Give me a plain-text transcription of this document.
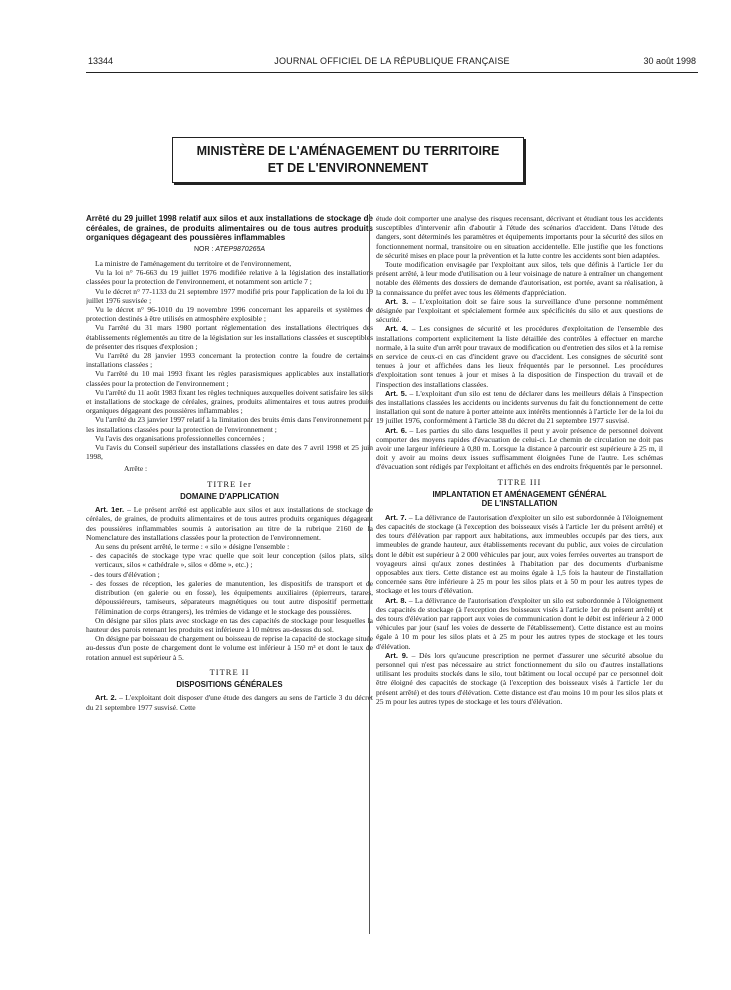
13344	JOURNAL OFFICIEL DE LA RÉPUBLIQUE FRANÇAISE	30 août 1998
MINISTÈRE DE L'AMÉNAGEMENT DU TERRITOIRE
ET DE L'ENVIRONNEMENT
Arrêté du 29 juillet 1998 relatif aux silos et aux installations de stockage de céréales, de graines, de produits alimentaires ou de tous autres produits organiques dégageant des poussières inflammables
NOR : ATEP9870265A

La ministre de l'aménagement du territoire et de l'environnement,

Vu la loi n° 76-663 du 19 juillet 1976 modifiée relative à la législation des installations classées pour la protection de l'environnement, et notamment son article 7 ;

Vu le décret n° 77-1133 du 21 septembre 1977 modifié pris pour l'application de la loi du 19 juillet 1976 susvisée ;

Vu le décret n° 96-1010 du 19 novembre 1996 concernant les appareils et systèmes de protection destinés à être utilisés en atmosphère explosible ;

Vu l'arrêté du 31 mars 1980 portant réglementation des installations électriques des établissements réglementés au titre de la législation sur les installations classées et susceptibles de présenter des risques d'explosion ;

Vu l'arrêté du 28 janvier 1993 concernant la protection contre la foudre de certaines installations classées ;

Vu l'arrêté du 10 mai 1993 fixant les règles parasismiques applicables aux installations classées pour la protection de l'environnement ;

Vu l'arrêté du 11 août 1983 fixant les règles techniques auxquelles doivent satisfaire les silos et installations de stockage de céréales, graines, produits alimentaires et tous autres produits organiques dégageant des poussières inflammables ;

Vu l'arrêté du 23 janvier 1997 relatif à la limitation des bruits émis dans l'environnement par les installations classées pour la protection de l'environnement ;

Vu l'avis des organisations professionnelles concernées ;

Vu l'avis du Conseil supérieur des installations classées en date des 7 avril 1998 et 25 juin 1998,

Arrête :

TITRE Ier
DOMAINE D'APPLICATION

Art. 1er. – Le présent arrêté est applicable aux silos et aux installations de stockage de céréales, de graines, de produits alimentaires et de tous autres produits organiques dégageant des poussières inflammables soumis à autorisation au titre de la rubrique 2160 de la Nomenclature des installations classées pour la protection de l'environnement.

Au sens du présent arrêté, le terme : « silo » désigne l'ensemble :

- des capacités de stockage type vrac quelle que soit leur conception (silos plats, silos verticaux, silos « cathédrale », silos « dôme », etc.) ;

- des tours d'élévation ;

- des fosses de réception, les galeries de manutention, les dispositifs de transport et de distribution (en galerie ou en fosse), les équipements auxiliaires (épierreurs, tarares, dépoussiéreurs, tamiseurs, séparateurs magnétiques ou tout autre dispositif permettant l'élimination de corps étrangers), les trémies de vidange et le stockage des poussières.

On désigne par silos plats avec stockage en tas des capacités de stockage pour lesquelles la hauteur des parois retenant les produits est inférieure à 10 mètres au-dessus du sol.

On désigne par boisseau de chargement ou boisseau de reprise la capacité de stockage située au-dessus d'un poste de chargement dont le volume est inférieur à 150 m³ et dont le taux de rotation annuel est supérieur à 5.

TITRE II
DISPOSITIONS GÉNÉRALES

Art. 2. – L'exploitant doit disposer d'une étude des dangers au sens de l'article 3 du décret du 21 septembre 1977 susvisé. Cette

étude doit comporter une analyse des risques recensant, décrivant et étudiant tous les accidents susceptibles d'intervenir afin d'aboutir à l'étude des scénarios d'accident. Dans l'étude des dangers, sont déterminés les paramètres et équipements importants pour la sécurité des silos en fonctionnement normal, transitoire ou en situation accidentelle. Elle justifie que les fonctions de sécurité mises en place pour la prévention et la lutte contre les accidents sont bien adaptées.

Toute modification envisagée par l'exploitant aux silos, tels que définis à l'article 1er du présent arrêté, à leur mode d'utilisation ou à leur voisinage de nature à entraîner un changement notable des éléments des dossiers de demande d'autorisation, est portée, avant sa réalisation, à la connaissance du préfet avec tous les éléments d'appréciation.

Art. 3. – L'exploitation doit se faire sous la surveillance d'une personne nommément désignée par l'exploitant et spécialement formée aux spécificités du silo et aux questions de sécurité.

Art. 4. – Les consignes de sécurité et les procédures d'exploitation de l'ensemble des installations comportent explicitement la liste détaillée des contrôles à effectuer en marche normale, à la suite d'un arrêt pour travaux de modification ou d'entretien des silos et à la remise en service de ceux-ci en cas d'incident grave ou d'accident. Les consignes de sécurité sont tenues à jour et affichées dans les lieux fréquentés par le personnel. Les procédures d'exploitation sont tenues à jour et mises à la disposition de l'inspection du travail et de l'inspection des installations classées.

Art. 5. – L'exploitant d'un silo est tenu de déclarer dans les meilleurs délais à l'inspection des installations classées les accidents ou incidents survenus du fait du fonctionnement de cette installation qui sont de nature à porter atteinte aux intérêts mentionnés à l'article 1er de la loi du 19 juillet 1976, conformément à l'article 38 du décret du 21 septembre 1977 susvisé.

Art. 6. – Les parties du silo dans lesquelles il peut y avoir présence de personnel doivent comporter des moyens rapides d'évacuation de celui-ci. Le chemin de circulation ne doit pas avoir une largeur inférieure à 0,80 m. Lorsque la distance à parcourir est supérieure à 25 m, il doit y avoir au moins deux issues suffisamment éloignées l'une de l'autre. Les schémas d'évacuation sont rédigés par l'exploitant et affichés en des endroits fréquentés par le personnel.

TITRE III
IMPLANTATION ET AMÉNAGEMENT GÉNÉRAL
DE L'INSTALLATION

Art. 7. – La délivrance de l'autorisation d'exploiter un silo est subordonnée à l'éloignement des capacités de stockage (à l'exception des boisseaux visés à l'article 1er du présent arrêté) et des tours d'élévation par rapport aux habitations, aux immeubles occupés par des tiers, aux immeubles de grande hauteur, aux établissements recevant du public, aux voies de circulation dont le débit est supérieur à 2 000 véhicules par jour, aux voies ferrées ouvertes au transport de voyageurs ainsi qu'aux zones destinées à l'habitation par des documents d'urbanisme opposables aux tiers. Cette distance est au moins égale à 1,5 fois la hauteur de l'installation concernée sans être inférieure à 25 m pour les silos plats et à 50 m pour les autres types de stockage et les tours d'élévation.

Art. 8. – La délivrance de l'autorisation d'exploiter un silo est subordonnée à l'éloignement des capacités de stockage (à l'exception des boisseaux visés à l'article 1er du présent arrêté) et des tours d'élévation par rapport aux voies de communication dont le débit est inférieur à 2 000 véhicules par jour (sauf les voies de desserte de l'établissement). Cette distance est au moins égale à 10 m pour les silos plats et à 25 m pour les autres types de stockage et les tours d'élévation.

Art. 9. – Dès lors qu'aucune prescription ne permet d'assurer une sécurité absolue du personnel qui n'est pas nécessaire au strict fonctionnement du silo ou d'autres installations utilisant les produits stockés dans le silo, tout bâtiment ou local occupé par ce personnel doit être éloigné des capacités de stockage (à l'exception des boisseaux visés à l'article 1er du présent arrêté) et des tours d'élévation. Cette distance est d'au moins 10 m pour les silos plats et 25 m pour les autres types de stockage et les tours d'élévation.
